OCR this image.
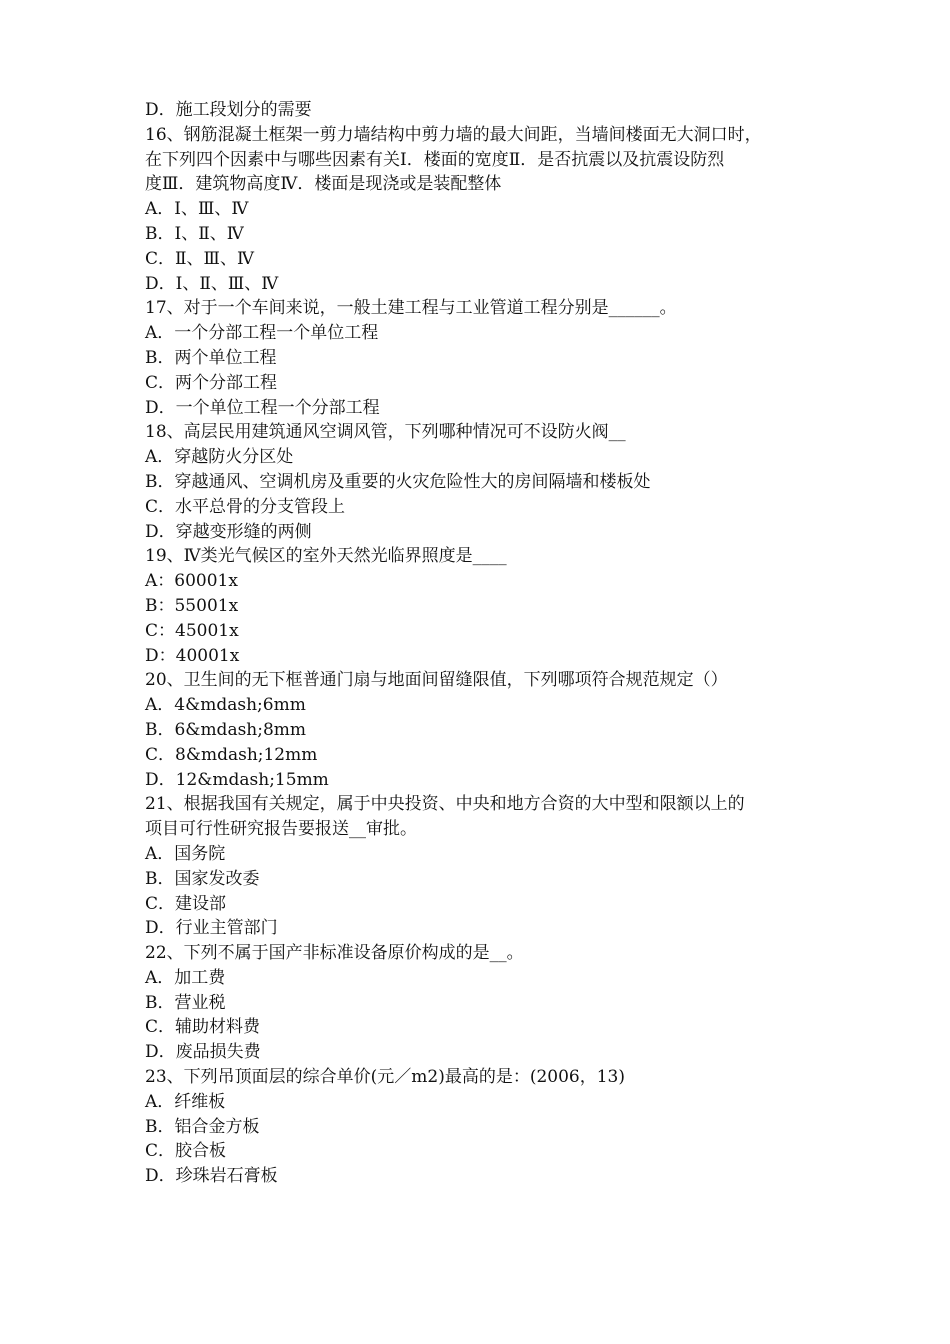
D．施工段划分的需要
16、钢筋混凝土框架一剪力墙结构中剪力墙的最大间距，当墙间楼面无大洞口时，
在下列四个因素中与哪些因素有关Ⅰ．楼面的宽度Ⅱ．是否抗震以及抗震设防烈
度Ⅲ．建筑物高度Ⅳ．楼面是现浇或是装配整体
A．Ⅰ、Ⅲ、Ⅳ
B．Ⅰ、Ⅱ、Ⅳ
C．Ⅱ、Ⅲ、Ⅳ
D．Ⅰ、Ⅱ、Ⅲ、Ⅳ
17、对于一个车间来说，一般土建工程与工业管道工程分别是______。
A．一个分部工程一个单位工程
B．两个单位工程
C．两个分部工程
D．一个单位工程一个分部工程
18、高层民用建筑通风空调风管，下列哪种情况可不设防火阀__
A．穿越防火分区处
B．穿越通风、空调机房及重要的火灾危险性大的房间隔墙和楼板处
C．水平总骨的分支管段上
D．穿越变形缝的两侧
19、Ⅳ类光气候区的室外天然光临界照度是____
A：60001x
B：55001x
C：45001x
D：40001x
20、卫生间的无下框普通门扇与地面间留缝限值，下列哪项符合规范规定（）
A．4&mdash;6mm
B．6&mdash;8mm
C．8&mdash;12mm
D．12&mdash;15mm
21、根据我国有关规定，属于中央投资、中央和地方合资的大中型和限额以上的
项目可行性研究报告要报送__审批。
A．国务院
B．国家发改委
C．建设部
D．行业主管部门
22、下列不属于国产非标准设备原价构成的是__。
A．加工费
B．营业税
C．辅助材料费
D．废品损失费
23、下列吊顶面层的综合单价(元／m2)最高的是：(2006，13)
A．纤维板
B．铝合金方板
C．胶合板
D．珍珠岩石膏板
